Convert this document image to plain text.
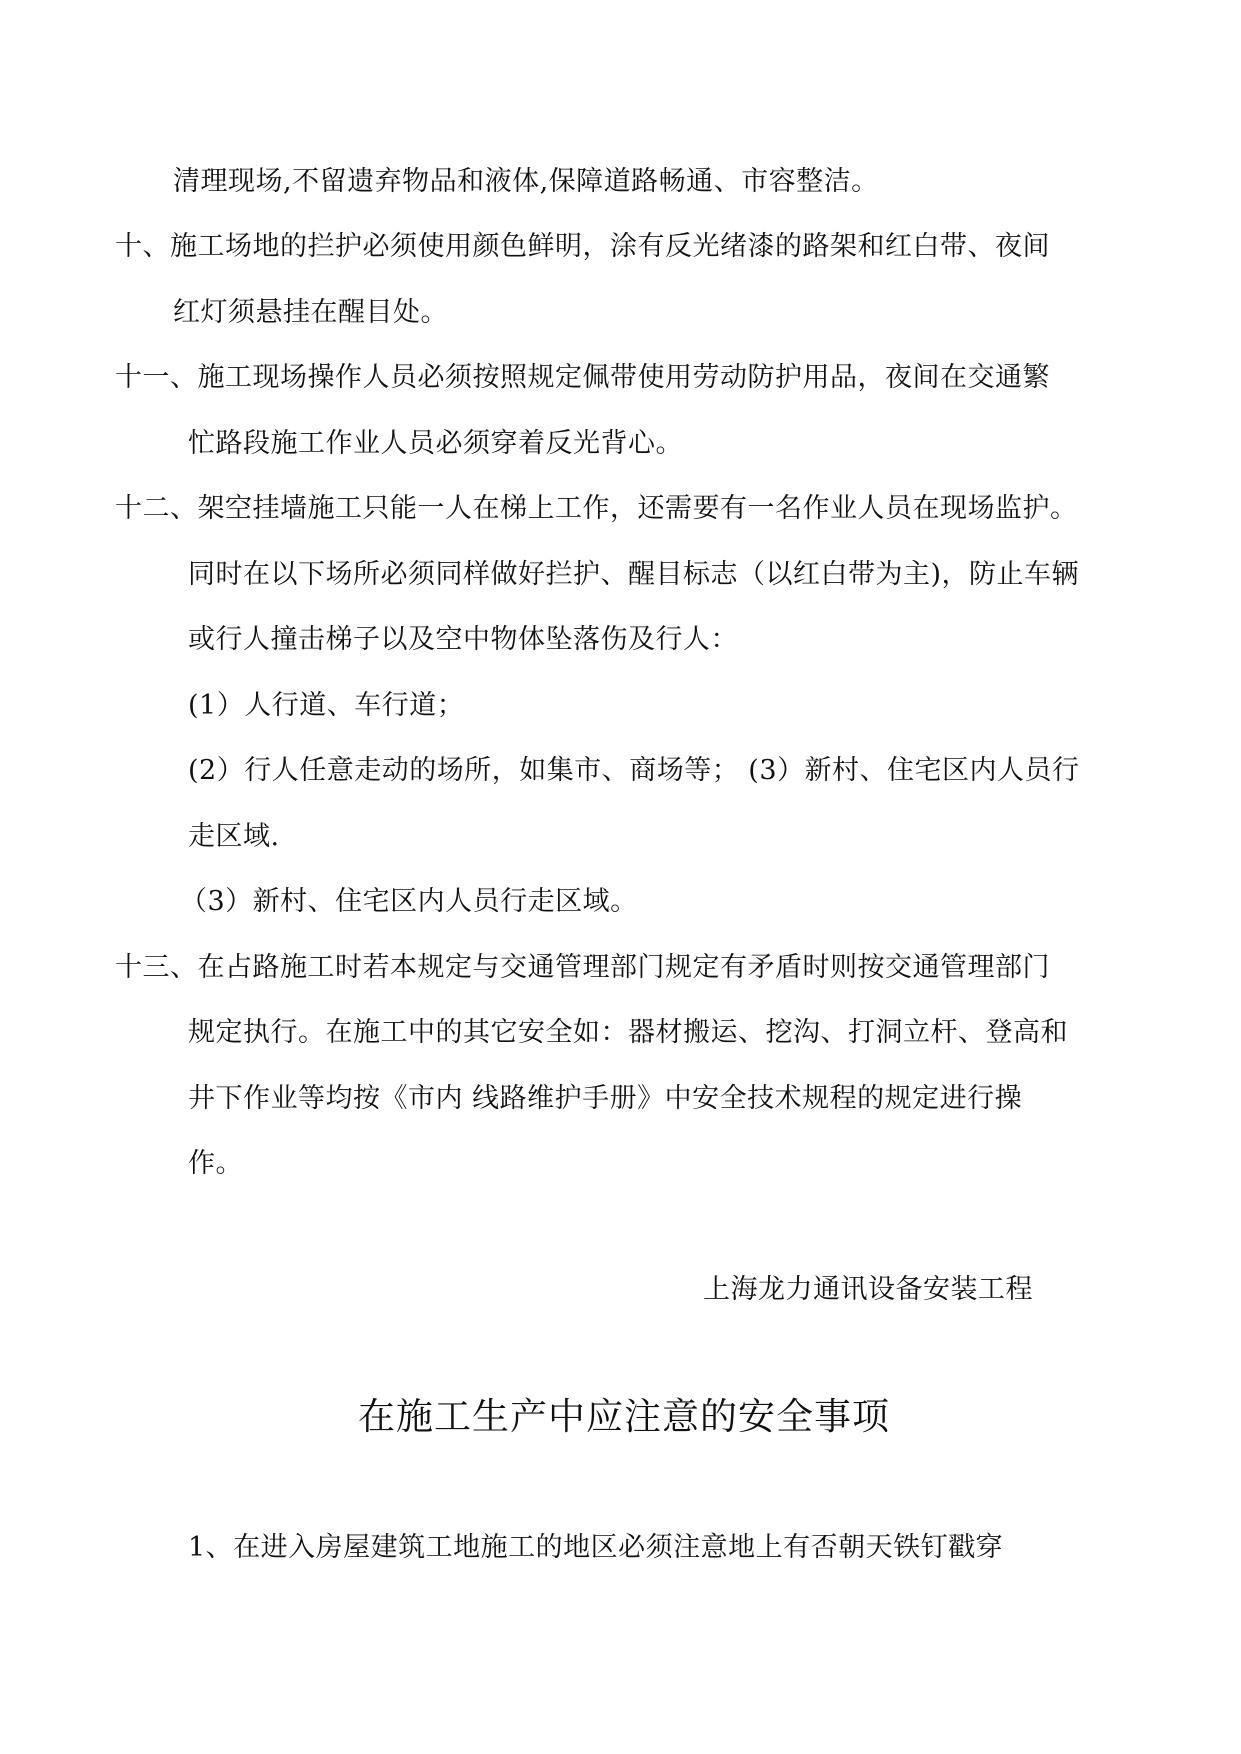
清理现场,不留遗弃物品和液体,保障道路畅通、市容整洁。
十、施工场地的拦护必须使用颜色鲜明，涂有反光绪漆的路架和红白带、夜间
红灯须悬挂在醒目处。
十一、施工现场操作人员必须按照规定佩带使用劳动防护用品，夜间在交通繁
忙路段施工作业人员必须穿着反光背心。
十二、架空挂墙施工只能一人在梯上工作，还需要有一名作业人员在现场监护。
同时在以下场所必须同样做好拦护、醒目标志（以红白带为主)，防止车辆
或行人撞击梯子以及空中物体坠落伤及行人：
(1）人行道、车行道；
(2）行人任意走动的场所，如集市、商场等； (3）新村、住宅区内人员行
走区域.
（3）新村、住宅区内人员行走区域。
十三、在占路施工时若本规定与交通管理部门规定有矛盾时则按交通管理部门
规定执行。在施工中的其它安全如：器材搬运、挖沟、打洞立杆、登高和
井下作业等均按《市内 线路维护手册》中安全技术规程的规定进行操
作。
上海龙力通讯设备安装工程
在施工生产中应注意的安全事项
1、在进入房屋建筑工地施工的地区必须注意地上有否朝天铁钉戳穿
